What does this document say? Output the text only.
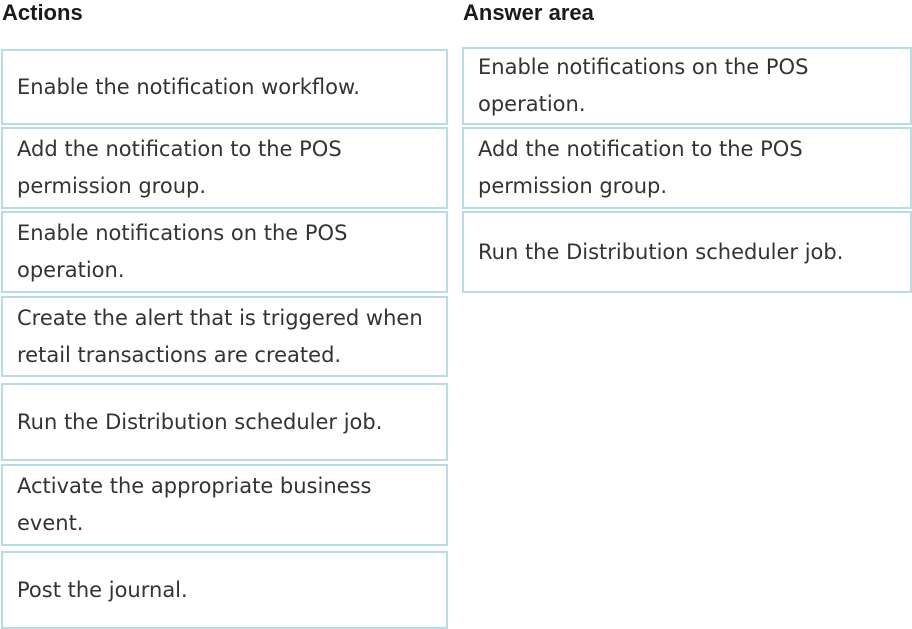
Actions	Answer area
Enable the notification workflow.
Add the notification to the POS permission group.
Enable notifications on the POS operation.
Create the alert that is triggered when retail transactions are created.
Run the Distribution scheduler job.
Activate the appropriate business event.
Post the journal.
Enable notifications on the POS operation.
Add the notification to the POS permission group.
Run the Distribution scheduler job.
